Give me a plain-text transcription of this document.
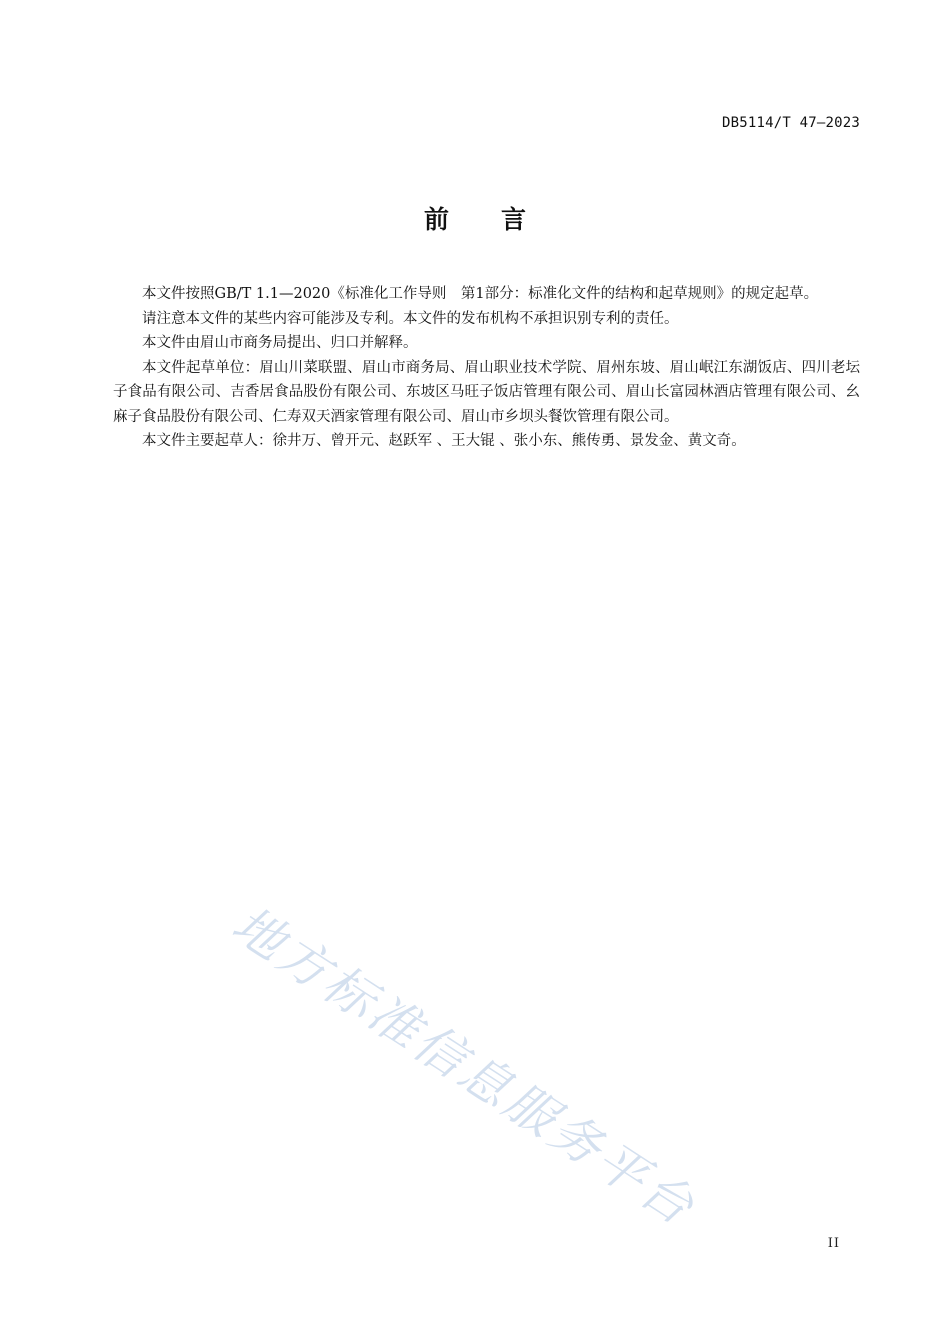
DB5114/T 47—2023
前 言

本文件按照GB/T 1.1—2020《标准化工作导则　第1部分：标准化文件的结构和起草规则》的规定起草。

请注意本文件的某些内容可能涉及专利。本文件的发布机构不承担识别专利的责任。

本文件由眉山市商务局提出、归口并解释。

本文件起草单位：眉山川菜联盟、眉山市商务局、眉山职业技术学院、眉州东坡、眉山岷江东湖饭店、四川老坛子食品有限公司、吉香居食品股份有限公司、东坡区马旺子饭店管理有限公司、眉山长富园林酒店管理有限公司、幺麻子食品股份有限公司、仁寿双天酒家管理有限公司、眉山市乡坝头餐饮管理有限公司。

本文件主要起草人：徐井万、曾开元、赵跃军 、王大锟 、张小东、熊传勇、景发金、黄文奇。

地方标准信息服务平台
II
